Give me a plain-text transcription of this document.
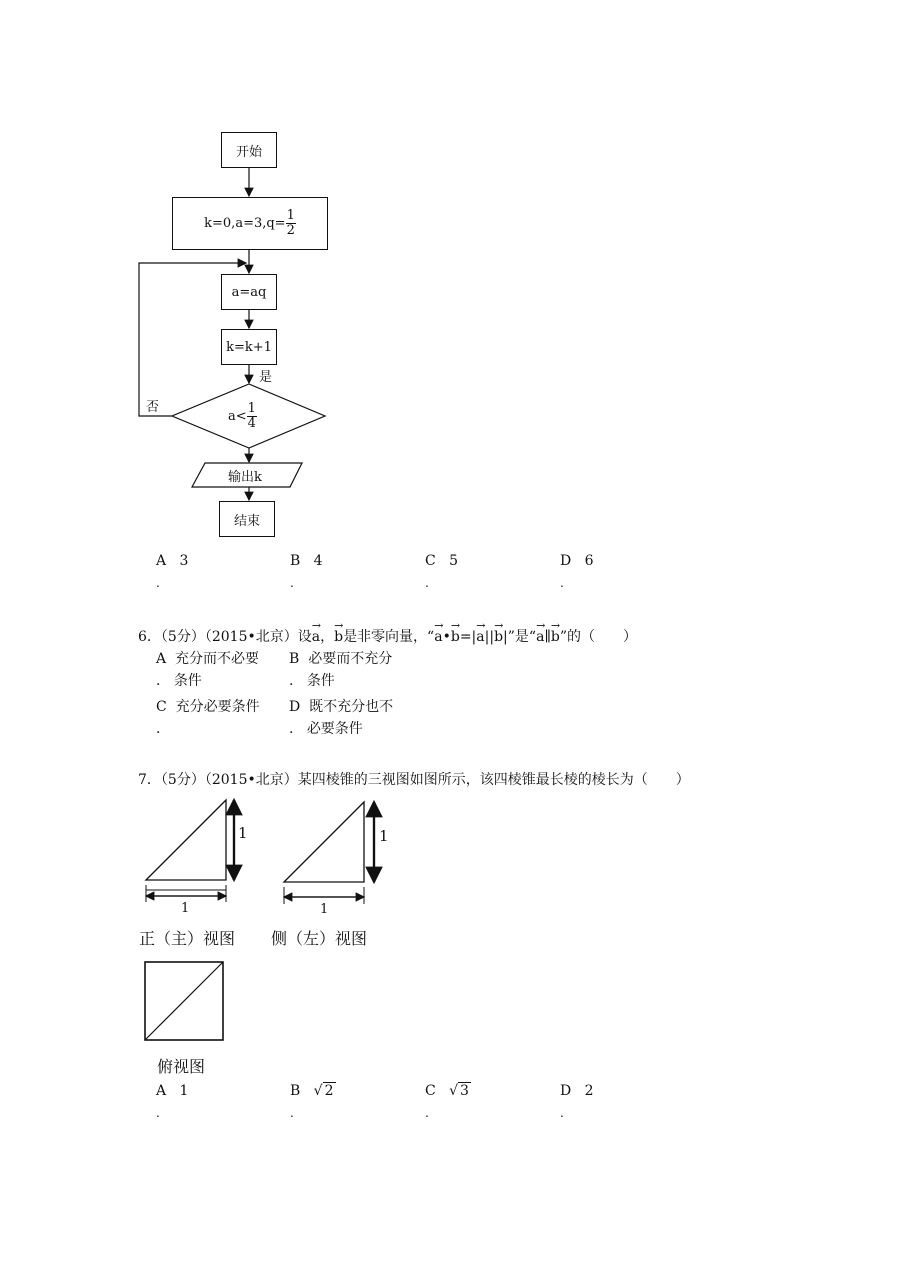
开始
$k=0,a=3,q= \frac{1}{2}$
a=aq
k=k+1
$a< \frac{1}{4}$
是
否
输出k
结束
A 3
.
B 4
.
C 5
.
D 6
.
6．（5分）（2015•北京）设→ a，→ b是非零向量，“→ a•→ b=|→ a||→ b|”是“→ a∥→ b”的（　　）
A 充分而不必要
.   条件
B 必要而不充分
.   条件
C 充分必要条件
.
D 既不充分也不
.   必要条件
7．（5分）（2015•北京）某四棱锥的三视图如图所示，该四棱锥最长棱的棱长为（　　）
1
1
1
1
正（主）视图 侧（左）视图
俯视图
A 1
.
B √ 2
.
C √ 3
.
D 2
.
